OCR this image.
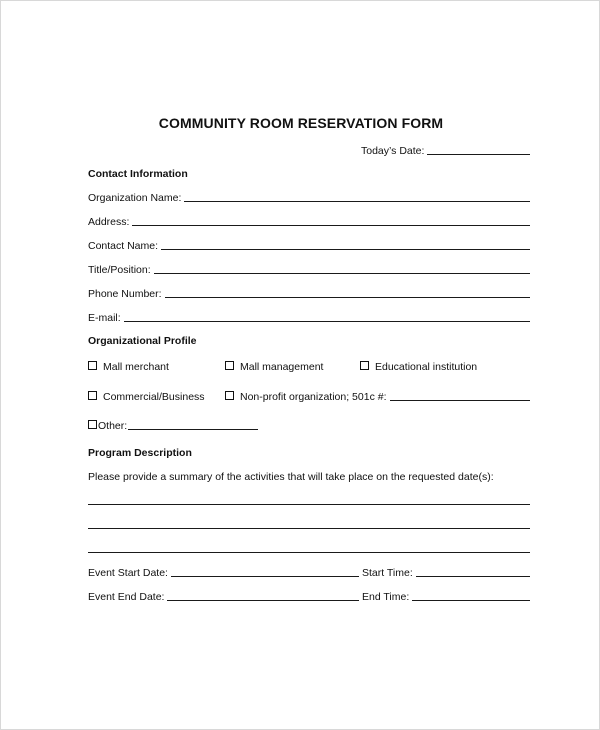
COMMUNITY ROOM RESERVATION FORM
Today’s Date:
Contact Information
Organization Name:
Address:
Contact Name:
Title/Position:
Phone Number:
E-mail:
Organizational Profile
Mall merchant	Mall management	Educational institution
Commercial/Business	Non-profit organization; 501c #:
Other:
Program Description
Please provide a summary of the activities that will take place on the requested date(s):
Event Start Date:	Start Time:
Event End Date:	End Time:
